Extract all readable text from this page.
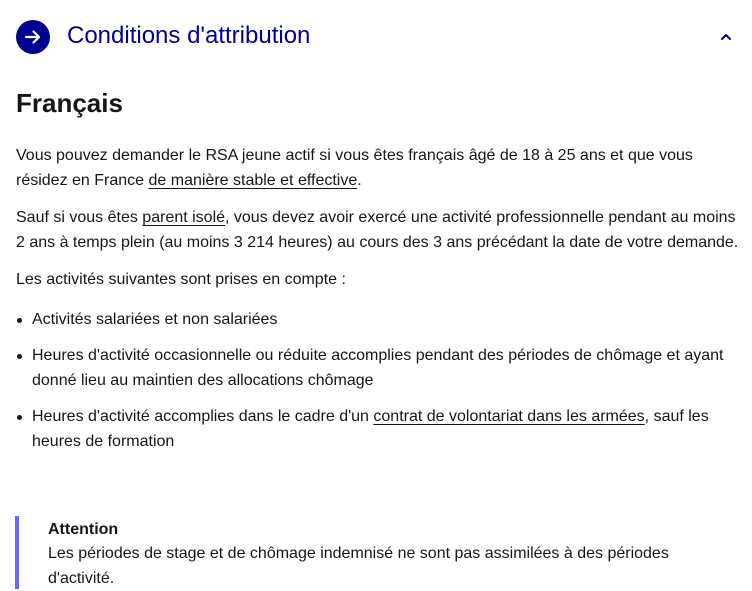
Conditions d'attribution
Français

Vous pouvez demander le RSA jeune actif si vous êtes français âgé de 18 à 25 ans et que vous résidez en France de manière stable et effective.

Sauf si vous êtes parent isolé, vous devez avoir exercé une activité professionnelle pendant au moins 2 ans à temps plein (au moins 3 214 heures) au cours des 3 ans précédant la date de votre demande.

Les activités suivantes sont prises en compte :

Activités salariées et non salariées
Heures d'activité occasionnelle ou réduite accomplies pendant des périodes de chômage et ayant donné lieu au maintien des allocations chômage
Heures d'activité accomplies dans le cadre d'un contrat de volontariat dans les armées, sauf les heures de formation
Attention
Les périodes de stage et de chômage indemnisé ne sont pas assimilées à des périodes d'activité.
